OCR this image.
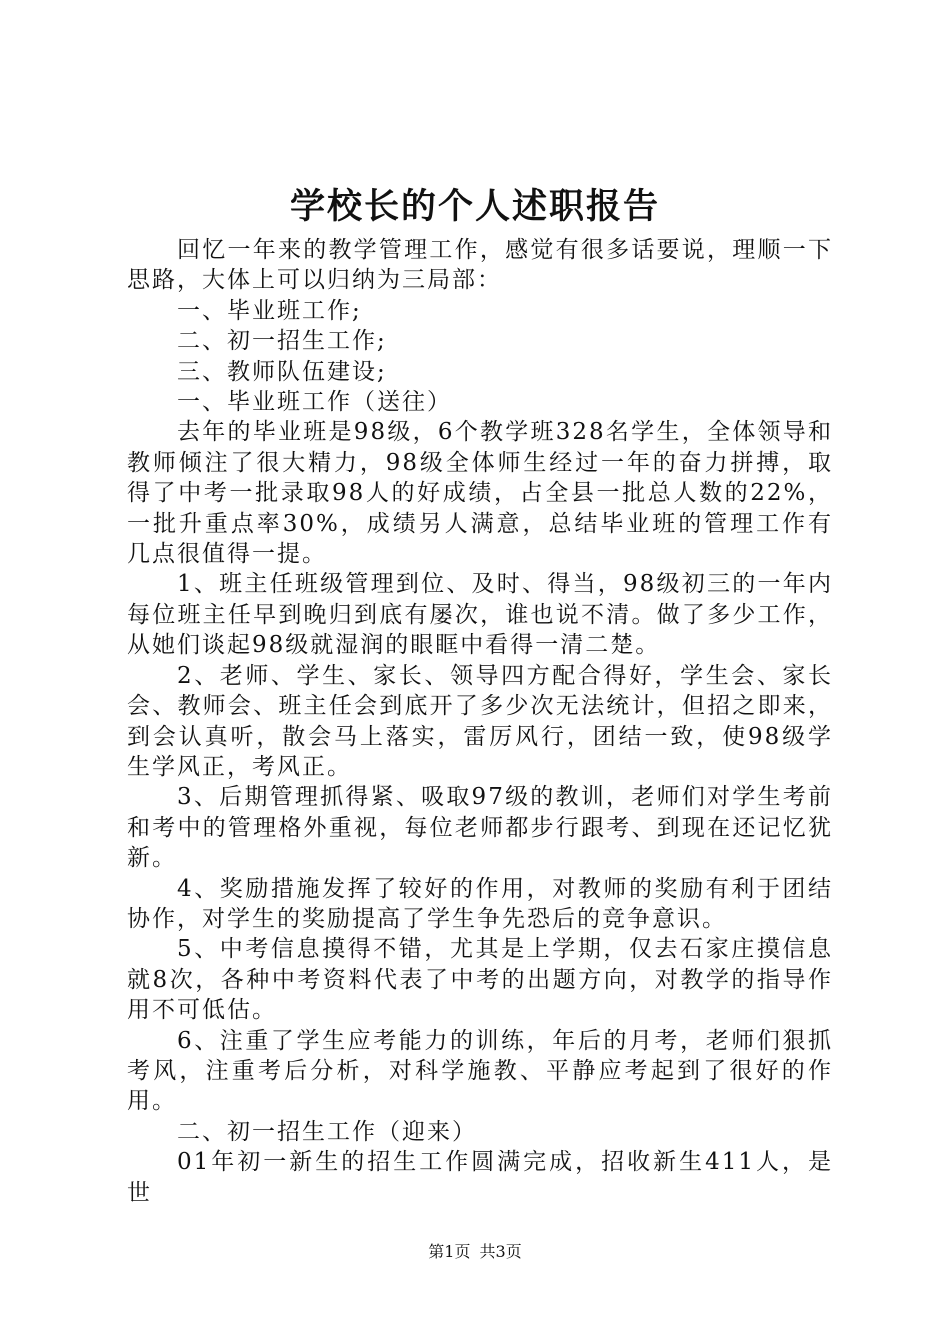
学校长的个人述职报告

回忆一年来的教学管理工作，感觉有很多话要说，理顺一下思路，大体上可以归纳为三局部：

一、毕业班工作;

二、初一招生工作;

三、教师队伍建设;

一、毕业班工作（送往）

去年的毕业班是98级，6个教学班328名学生，全体领导和教师倾注了很大精力，98级全体师生经过一年的奋力拼搏，取得了中考一批录取98人的好成绩，占全县一批总人数的22%，一批升重点率30%，成绩另人满意，总结毕业班的管理工作有几点很值得一提。

1、班主任班级管理到位、及时、得当，98级初三的一年内每位班主任早到晚归到底有屡次，谁也说不清。做了多少工作，从她们谈起98级就湿润的眼眶中看得一清二楚。

2、老师、学生、家长、领导四方配合得好，学生会、家长会、教师会、班主任会到底开了多少次无法统计，但招之即来，到会认真听，散会马上落实，雷厉风行，团结一致，使98级学生学风正，考风正。

3、后期管理抓得紧、吸取97级的教训，老师们对学生考前和考中的管理格外重视，每位老师都步行跟考、到现在还记忆犹新。

4、奖励措施发挥了较好的作用，对教师的奖励有利于团结协作，对学生的奖励提高了学生争先恐后的竞争意识。

5、中考信息摸得不错，尤其是上学期，仅去石家庄摸信息就8次，各种中考资料代表了中考的出题方向，对教学的指导作用不可低估。

6、注重了学生应考能力的训练，年后的月考，老师们狠抓考风，注重考后分析，对科学施教、平静应考起到了很好的作用。

二、初一招生工作（迎来）

01年初一新生的招生工作圆满完成，招收新生411人，是世

第1页 共3页
